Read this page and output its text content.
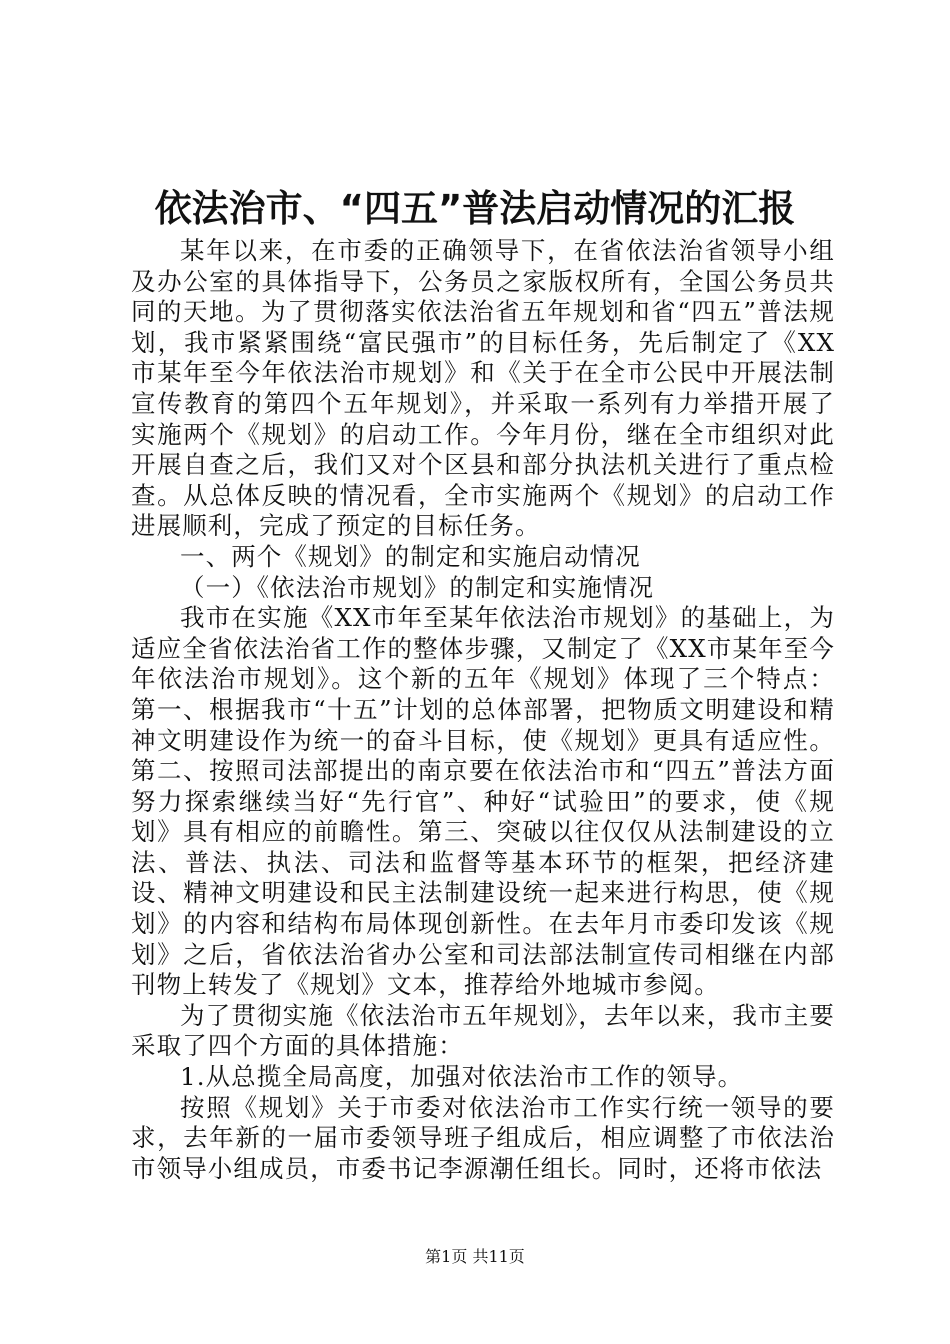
依法治市、“四五”普法启动情况的汇报

某年以来，在市委的正确领导下，在省依法治省领导小组及办公室的具体指导下，公务员之家版权所有，全国公务员共同的天地。为了贯彻落实依法治省五年规划和省“四五”普法规划，我市紧紧围绕“富民强市”的目标任务，先后制定了《XX市某年至今年依法治市规划》和《关于在全市公民中开展法制宣传教育的第四个五年规划》，并采取一系列有力举措开展了实施两个《规划》的启动工作。今年月份，继在全市组织对此开展自查之后，我们又对个区县和部分执法机关进行了重点检查。从总体反映的情况看，全市实施两个《规划》的启动工作进展顺利，完成了预定的目标任务。

一、两个《规划》的制定和实施启动情况

（一）《依法治市规划》的制定和实施情况

我市在实施《XX市年至某年依法治市规划》的基础上，为适应全省依法治省工作的整体步骤，又制定了《XX市某年至今年依法治市规划》。这个新的五年《规划》体现了三个特点：第一、根据我市“十五”计划的总体部署，把物质文明建设和精神文明建设作为统一的奋斗目标，使《规划》更具有适应性。第二、按照司法部提出的南京要在依法治市和“四五”普法方面努力探索继续当好“先行官”、种好“试验田”的要求，使《规划》具有相应的前瞻性。第三、突破以往仅仅从法制建设的立法、普法、执法、司法和监督等基本环节的框架，把经济建设、精神文明建设和民主法制建设统一起来进行构思，使《规划》的内容和结构布局体现创新性。在去年月市委印发该《规划》之后，省依法治省办公室和司法部法制宣传司相继在内部刊物上转发了《规划》文本，推荐给外地城市参阅。

为了贯彻实施《依法治市五年规划》，去年以来，我市主要采取了四个方面的具体措施：

1.从总揽全局高度，加强对依法治市工作的领导。

按照《规划》关于市委对依法治市工作实行统一领导的要求，去年新的一届市委领导班子组成后，相应调整了市依法治市领导小组成员，市委书记李源潮任组长。同时，还将市依法

第1页 共11页
